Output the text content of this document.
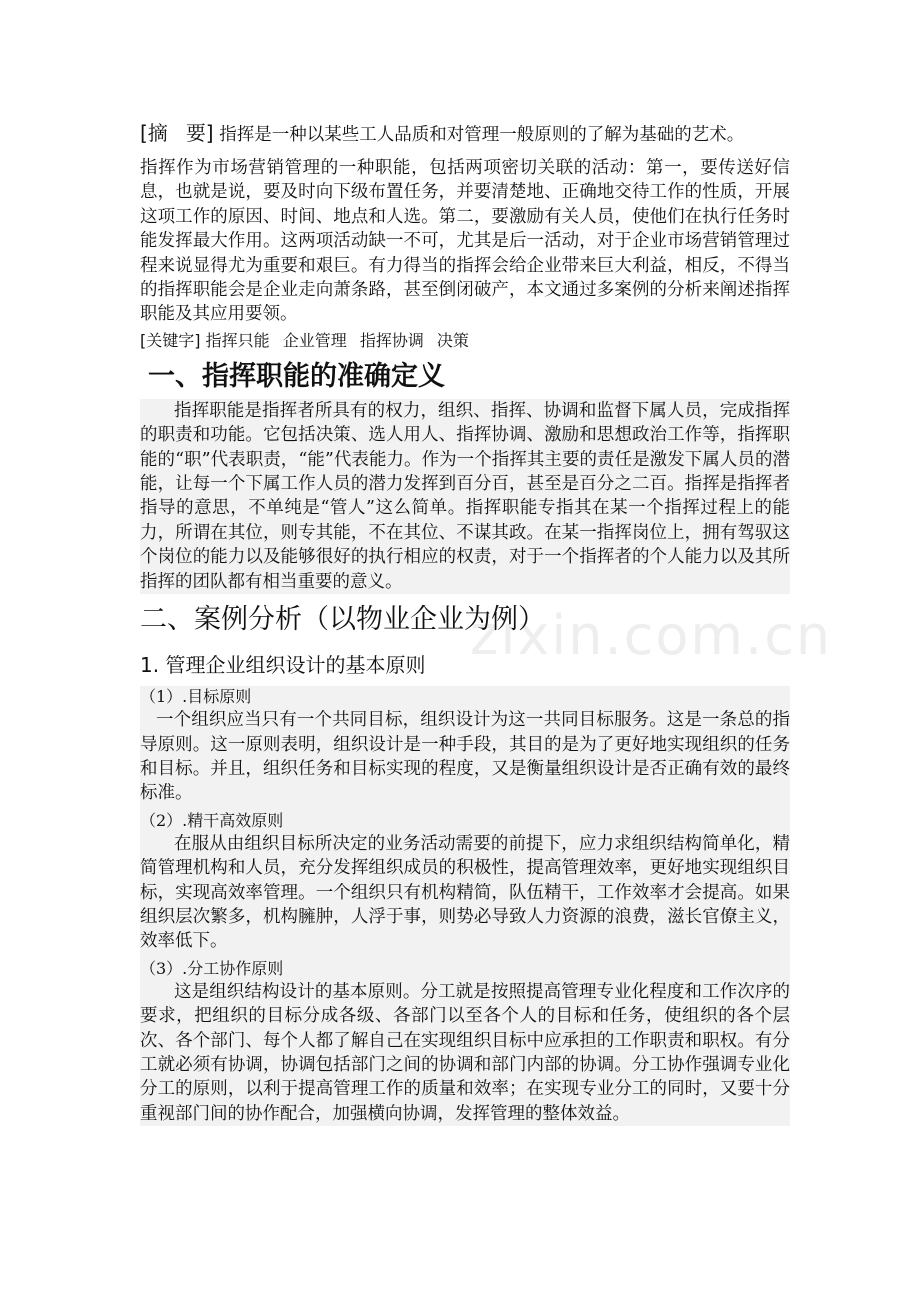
zixin.com.cn

[摘 要] 指挥是一种以某些工人品质和对管理一般原则的了解为基础的艺术。

指挥作为市场营销管理的一种职能，包括两项密切关联的活动：第一，要传送好信息，也就是说，要及时向下级布置任务，并要清楚地、正确地交待工作的性质，开展这项工作的原因、时间、地点和人选。第二，要激励有关人员，使他们在执行任务时能发挥最大作用。这两项活动缺一不可，尤其是后一活动，对于企业市场营销管理过程来说显得尤为重要和艰巨。有力得当的指挥会给企业带来巨大利益，相反，不得当的指挥职能会是企业走向萧条路，甚至倒闭破产，本文通过多案例的分析来阐述指挥职能及其应用要领。

[关键字] 指挥只能 企业管理 指挥协调 决策

一、指挥职能的准确定义

指挥职能是指挥者所具有的权力，组织、指挥、协调和监督下属人员，完成指挥的职责和功能。它包括决策、选人用人、指挥协调、激励和思想政治工作等，指挥职能的“职”代表职责，“能”代表能力。作为一个指挥其主要的责任是激发下属人员的潜能，让每一个下属工作人员的潜力发挥到百分百，甚至是百分之二百。指挥是指挥者指导的意思，不单纯是“管人”这么简单。指挥职能专指其在某一个指挥过程上的能力，所谓在其位，则专其能，不在其位、不谋其政。在某一指挥岗位上，拥有驾驭这个岗位的能力以及能够很好的执行相应的权责，对于一个指挥者的个人能力以及其所指挥的团队都有相当重要的意义。

二、案例分析（以物业企业为例）
1. 管理企业组织设计的基本原则

（1）.目标原则

一个组织应当只有一个共同目标，组织设计为这一共同目标服务。这是一条总的指导原则。这一原则表明，组织设计是一种手段，其目的是为了更好地实现组织的任务和目标。并且，组织任务和目标实现的程度，又是衡量组织设计是否正确有效的最终标准。

（2）.精干高效原则

在服从由组织目标所决定的业务活动需要的前提下，应力求组织结构简单化，精简管理机构和人员，充分发挥组织成员的积极性，提高管理效率，更好地实现组织目标，实现高效率管理。一个组织只有机构精简，队伍精干，工作效率才会提高。如果组织层次繁多，机构臃肿，人浮于事，则势必导致人力资源的浪费，滋长官僚主义，效率低下。

（3）.分工协作原则

这是组织结构设计的基本原则。分工就是按照提高管理专业化程度和工作次序的要求，把组织的目标分成各级、各部门以至各个人的目标和任务，使组织的各个层次、各个部门、每个人都了解自己在实现组织目标中应承担的工作职责和职权。有分工就必须有协调，协调包括部门之间的协调和部门内部的协调。分工协作强调专业化分工的原则，以利于提高管理工作的质量和效率；在实现专业分工的同时，又要十分重视部门间的协作配合，加强横向协调，发挥管理的整体效益。
